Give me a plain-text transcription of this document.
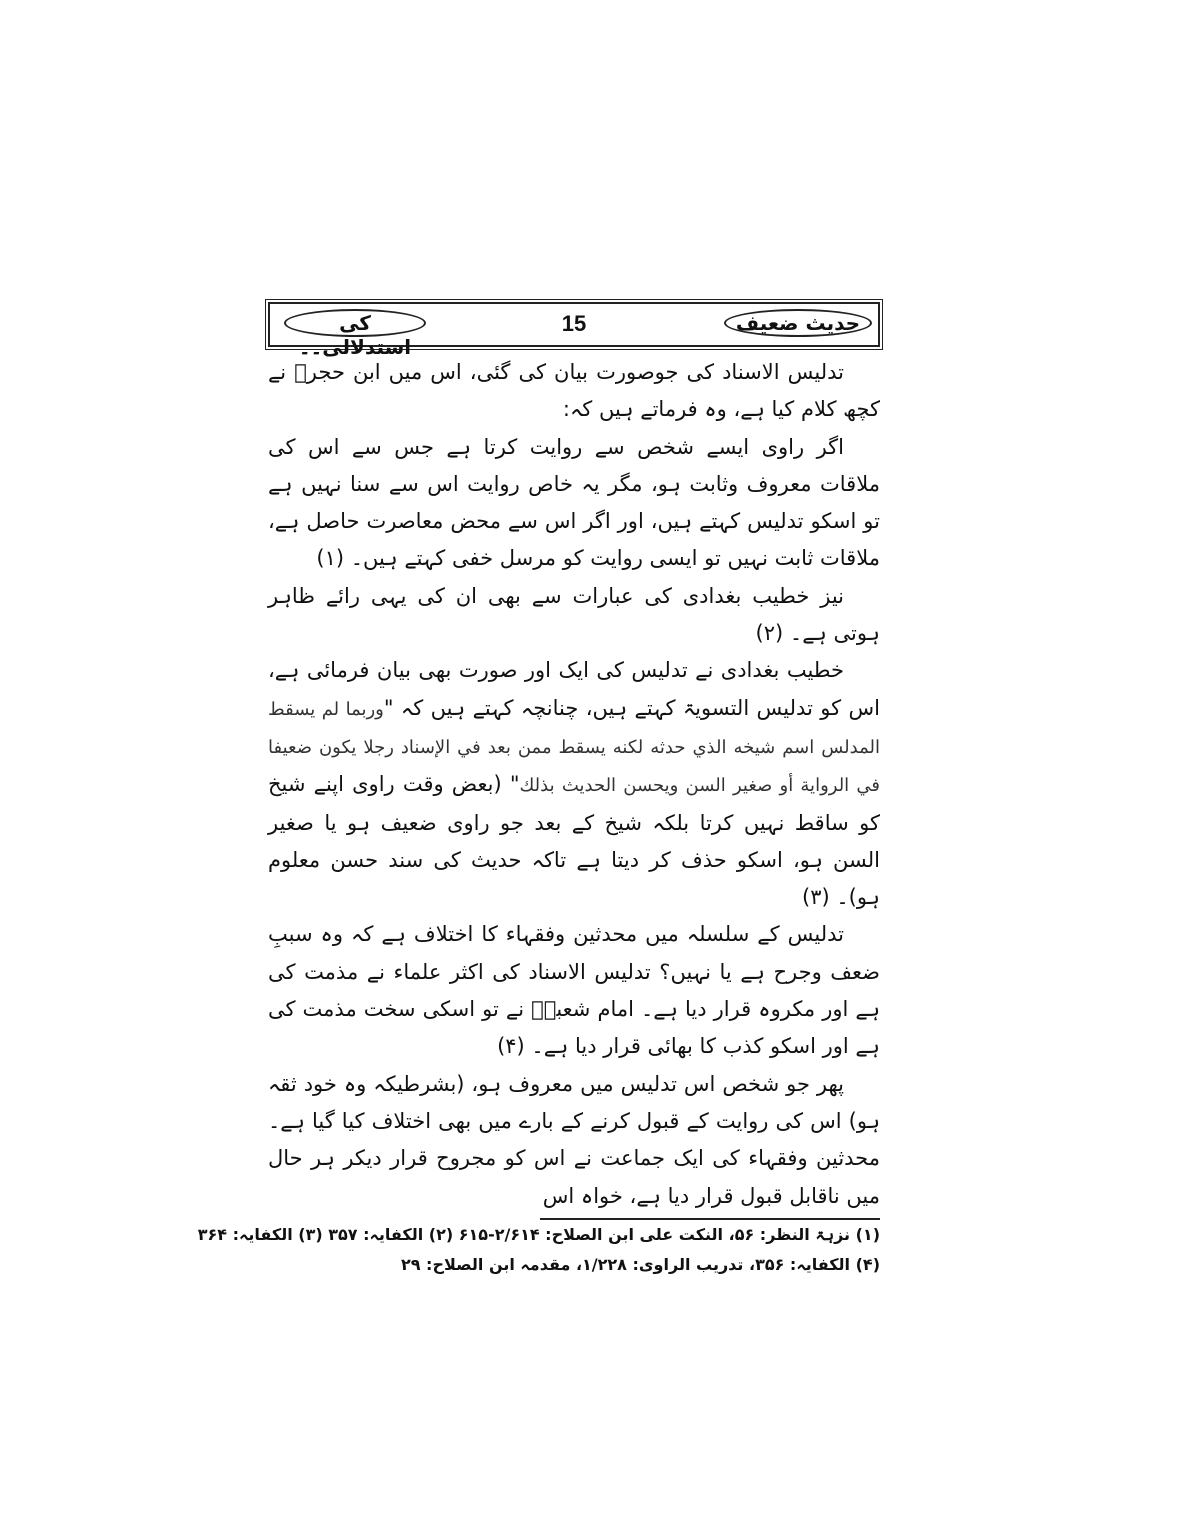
حدیث ضعیف
15
کی استدلالی۔۔

تدلیس الاسناد کی جوصورت بیان کی گئی، اس میں ابن حجرؒ نے کچھ کلام کیا ہے، وہ فرماتے ہیں کہ:

اگر راوی ایسے شخص سے روایت کرتا ہے جس سے اس کی ملاقات معروف وثابت ہو، مگر یہ خاص روایت اس سے سنا نہیں ہے تو اسکو تدلیس کہتے ہیں، اور اگر اس سے محض معاصرت حاصل ہے، ملاقات ثابت نہیں تو ایسی روایت کو مرسل خفی کہتے ہیں۔ (۱)

نیز خطیب بغدادی کی عبارات سے بھی ان کی یہی رائے ظاہر ہوتی ہے۔ (۲)

خطیب بغدادی نے تدلیس کی ایک اور صورت بھی بیان فرمائی ہے، اس کو تدلیس التسویۃ کہتے ہیں، چنانچہ کہتے ہیں کہ "وربما لم يسقط المدلس اسم شيخه الذي حدثه لكنه يسقط ممن بعد في الإسناد رجلا يكون ضعيفا في الرواية أو صغير السن ويحسن الحديث بذلك" (بعض وقت راوی اپنے شیخ کو ساقط نہیں کرتا بلکہ شیخ کے بعد جو راوی ضعیف ہو یا صغیر السن ہو، اسکو حذف کر دیتا ہے تاکہ حدیث کی سند حسن معلوم ہو)۔ (۳)

تدلیس کے سلسلہ میں محدثین وفقہاء کا اختلاف ہے کہ وہ سببِ ضعف وجرح ہے یا نہیں؟ تدلیس الاسناد کی اکثر علماء نے مذمت کی ہے اور مکروہ قرار دیا ہے۔ امام شعبہؒ نے تو اسکی سخت مذمت کی ہے اور اسکو کذب کا بھائی قرار دیا ہے۔ (۴)

پھر جو شخص اس تدلیس میں معروف ہو، (بشرطیکہ وہ خود ثقہ ہو) اس کی روایت کے قبول کرنے کے بارے میں بھی اختلاف کیا گیا ہے۔ محدثین وفقہاء کی ایک جماعت نے اس کو مجروح قرار دیکر ہر حال میں ناقابل قبول قرار دیا ہے، خواہ اس

(۱) نزہۃ النظر: ۵۶، النکت علی ابن الصلاح: ۲/۶۱۴-۶۱۵ (۲) الکفایہ: ۳۵۷ (۳) الکفایہ: ۳۶۴
(۴) الکفایہ: ۳۵۶، تدریب الراوی: ۱/۲۲۸، مقدمہ ابن الصلاح: ۲۹
